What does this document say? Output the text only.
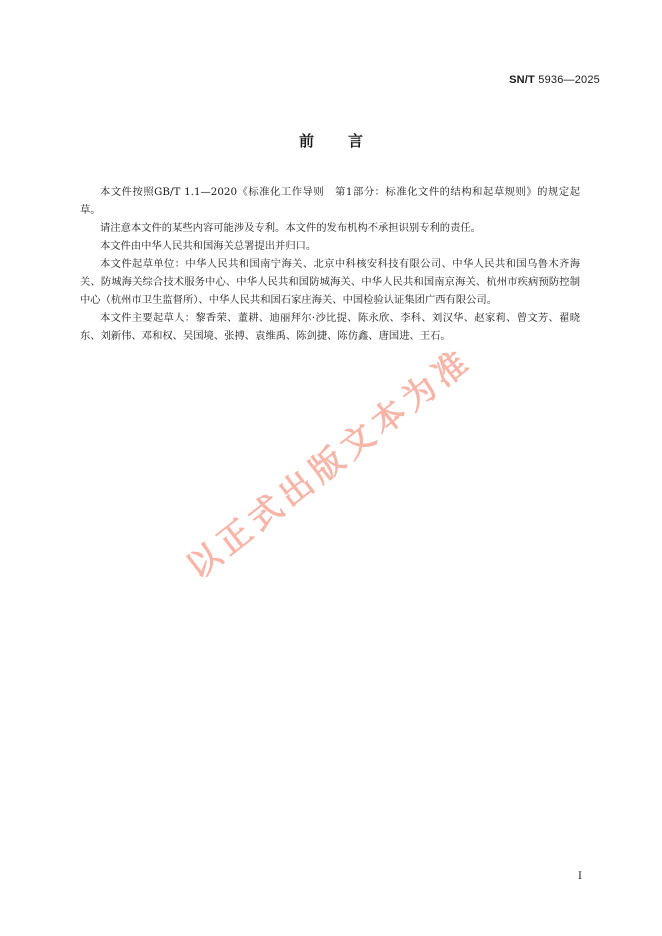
SN/T 5936—2025
前言

本文件按照GB/T 1.1—2020《标准化工作导则　第1部分：标准化文件的结构和起草规则》的规定起草。

请注意本文件的某些内容可能涉及专利。本文件的发布机构不承担识别专利的责任。

本文件由中华人民共和国海关总署提出并归口。

本文件起草单位：中华人民共和国南宁海关、北京中科核安科技有限公司、中华人民共和国乌鲁木齐海关、防城海关综合技术服务中心、中华人民共和国防城海关、中华人民共和国南京海关、杭州市疾病预防控制中心（杭州市卫生监督所）、中华人民共和国石家庄海关、中国检验认证集团广西有限公司。

本文件主要起草人：黎香荣、董耕、迪丽拜尔·沙比提、陈永欣、李科、刘汉华、赵家莉、曾文芳、翟晓东、刘新伟、邓和权、吴国境、张搏、袁维禹、陈剑捷、陈仿鑫、唐国进、王石。

以正式出版文本为准
I
